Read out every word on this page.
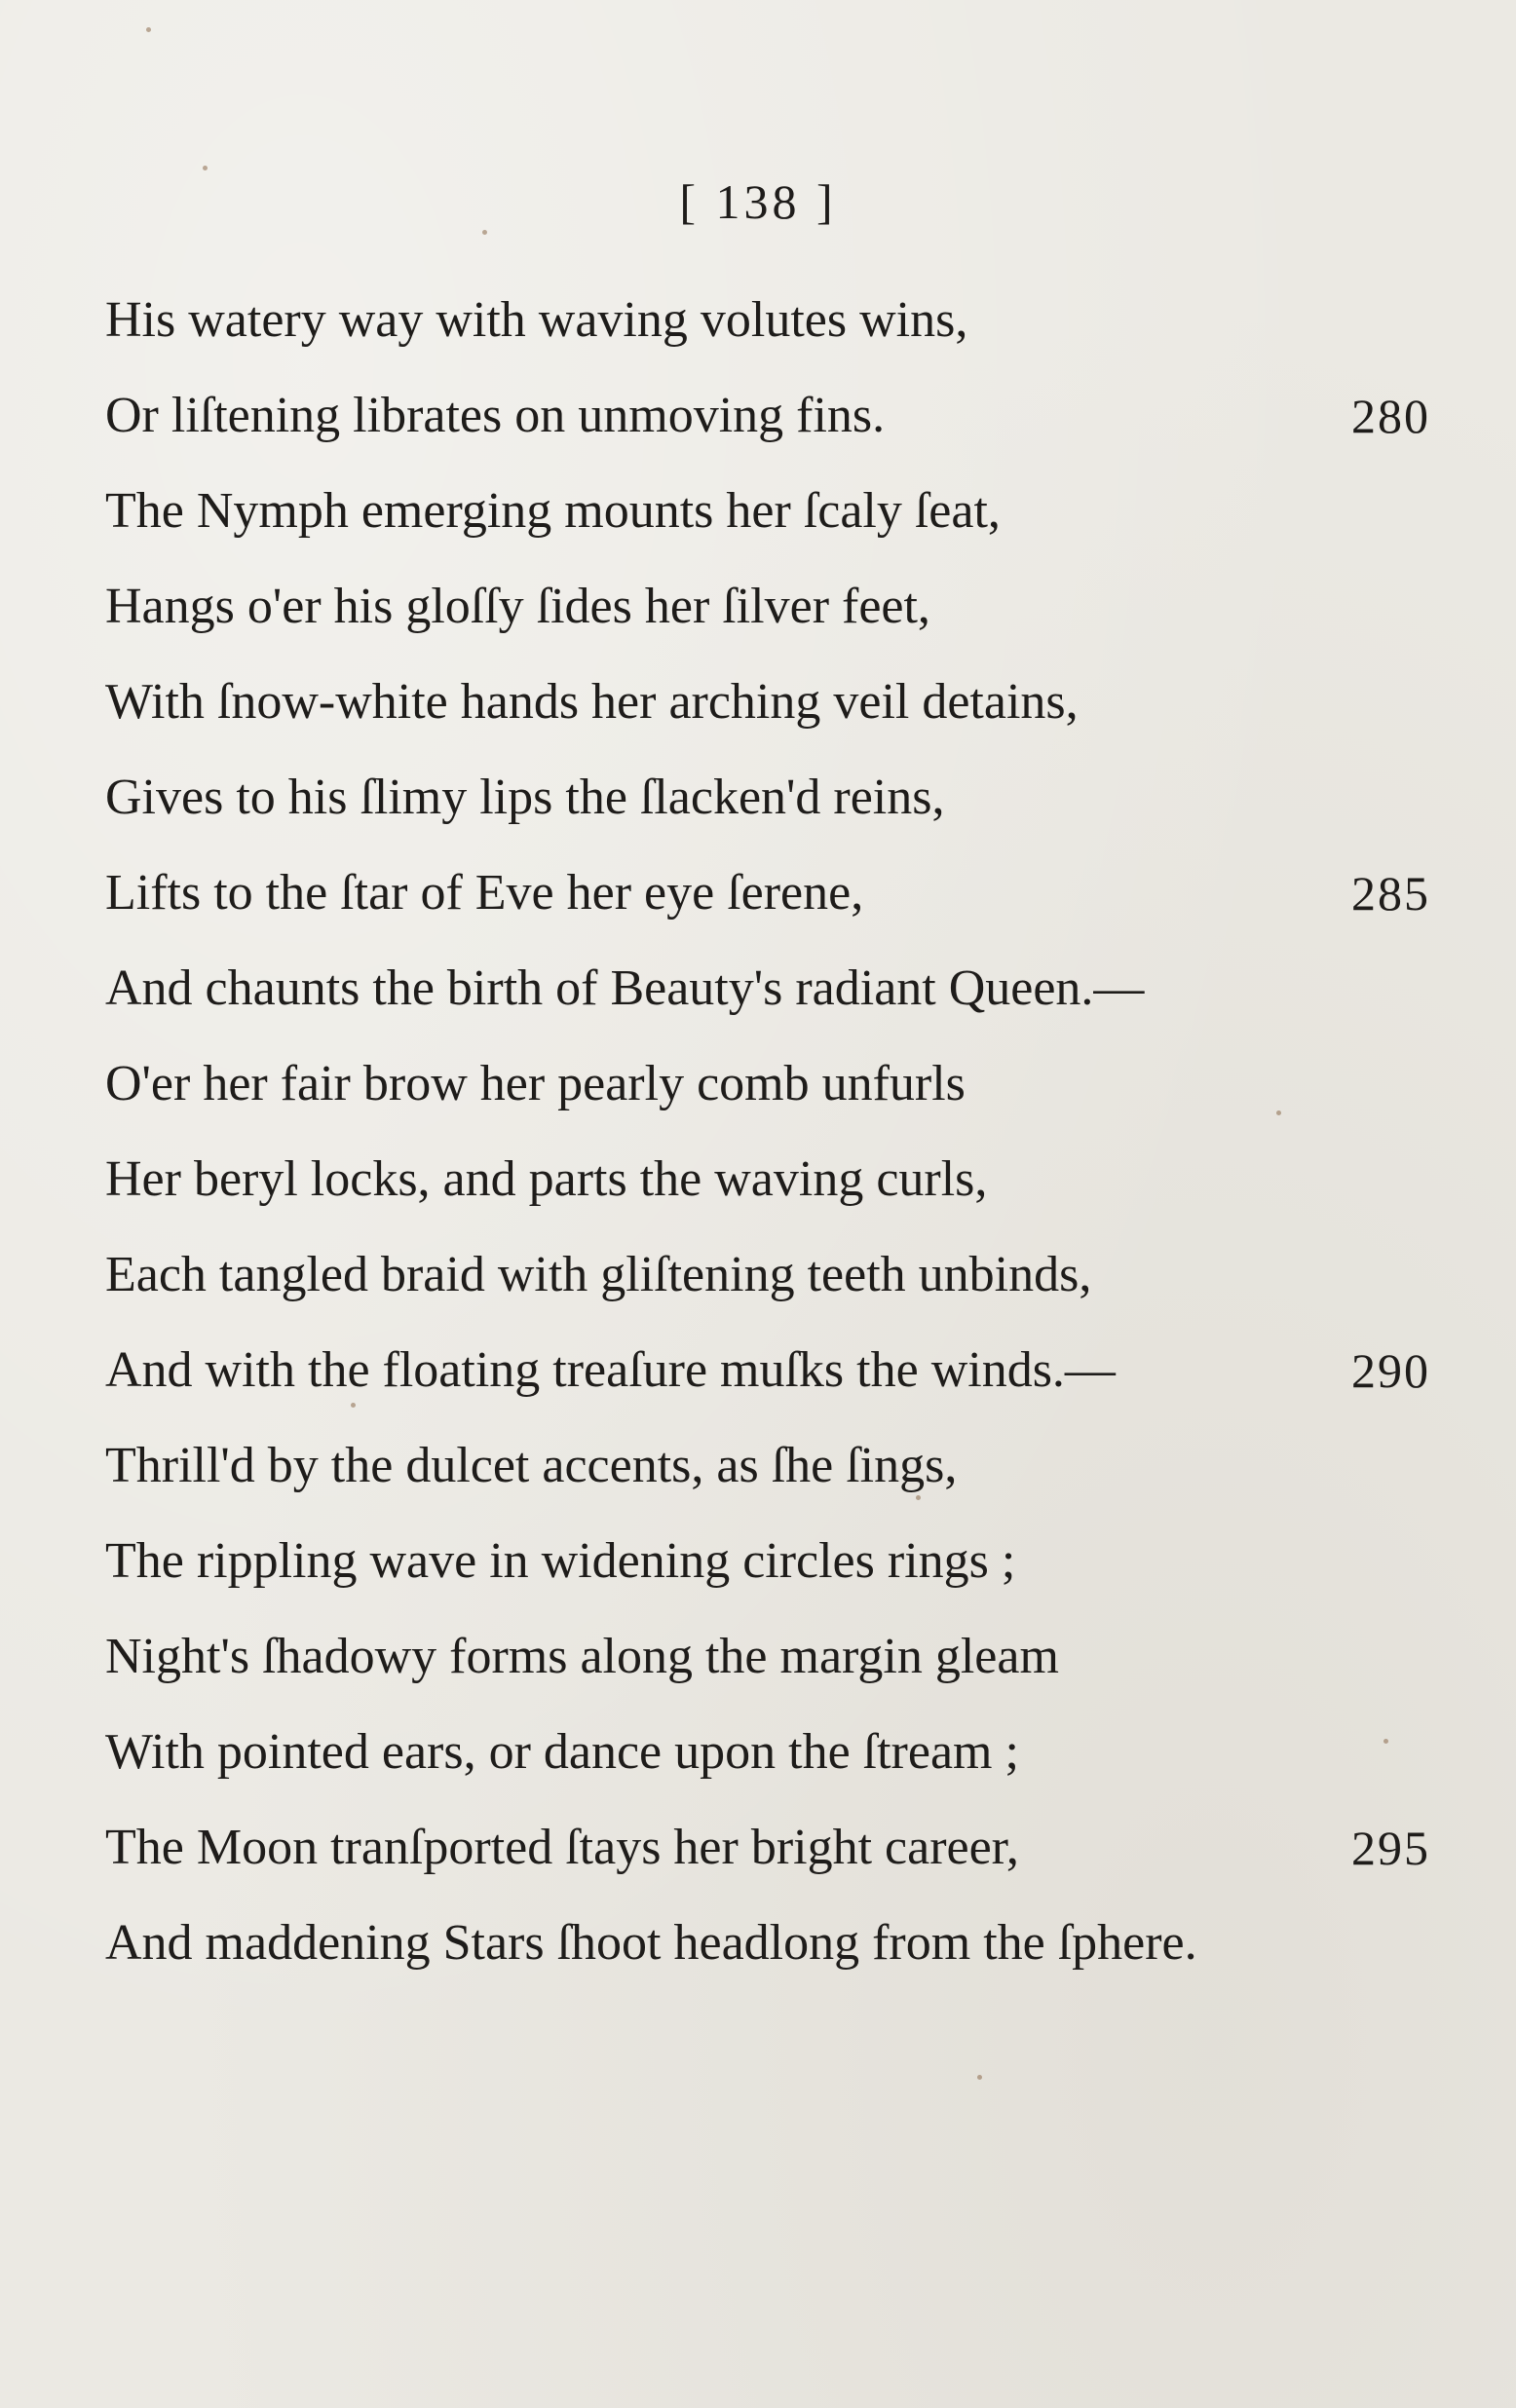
[ 138 ]
His watery way with waving volutes wins,
Or liſtening librates on unmoving fins.	280
The Nymph emerging mounts her ſcaly ſeat,
Hangs o'er his gloſſy ſides her ſilver feet,
With ſnow-white hands her arching veil detains,
Gives to his ſlimy lips the ſlacken'd reins,
Lifts to the ſtar of Eve her eye ſerene,	285
And chaunts the birth of Beauty's radiant Queen.—
O'er her fair brow her pearly comb unfurls
Her beryl locks, and parts the waving curls,
Each tangled braid with gliſtening teeth unbinds,
And with the floating treaſure muſks the winds.—	290
Thrill'd by the dulcet accents, as ſhe ſings,
The rippling wave in widening circles rings ;
Night's ſhadowy forms along the margin gleam
With pointed ears, or dance upon the ſtream ;
The Moon tranſported ſtays her bright career,	295
And maddening Stars ſhoot headlong from the ſphere.
